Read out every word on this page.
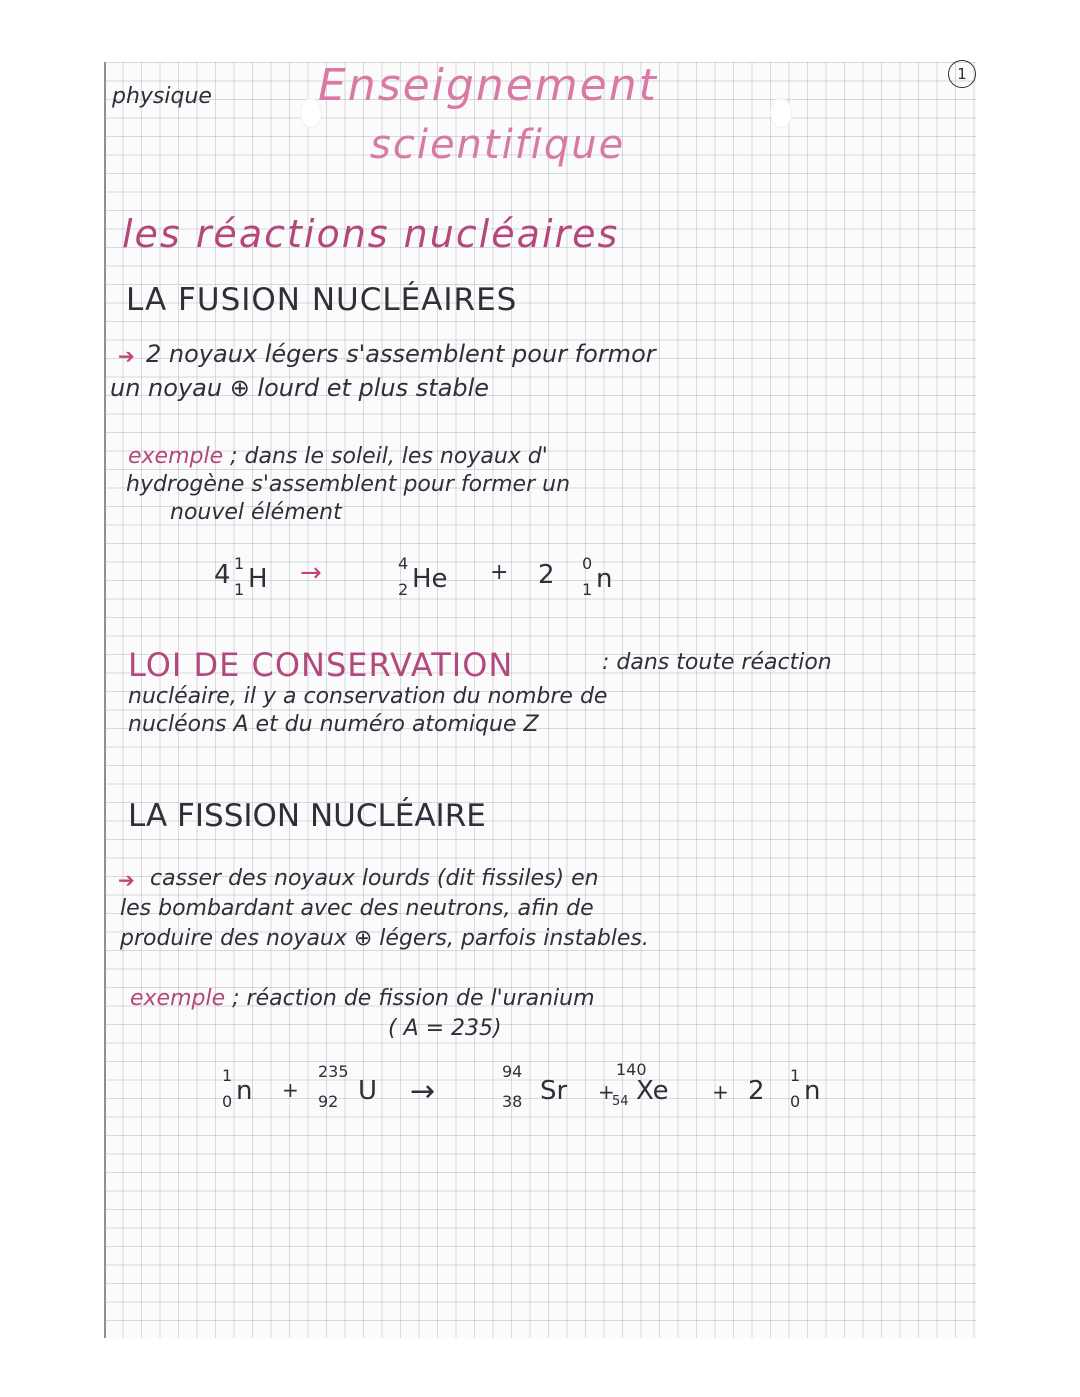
1
physique Enseignement
scientifique
les réactions nucléaires
LA FUSION NUCLÉAIRES
➔ 2 noyaux légers s'assemblent pour formor
un noyau ⊕ lourd et plus stable
exemple ; dans le soleil, les noyaux d'
hydrogène s'assemblent pour former un
nouvel élément
4 1
1 H →	4
2 He + 2 0
1 n
LOI DE CONSERVATION	: dans toute réaction
nucléaire, il y a conservation du nombre de
nucléons A et du numéro atomique Z
LA FISSION NUCLÉAIRE
➔ casser des noyaux lourds (dit fissiles) en
les bombardant avec des neutrons, afin de
produire des noyaux ⊕ légers, parfois instables.
exemple ; réaction de fission de l'uranium
( A = 235)
1
0 n +
235
92 U →
94
38 Sr +
140
54 Xe + 2
1
0 n
